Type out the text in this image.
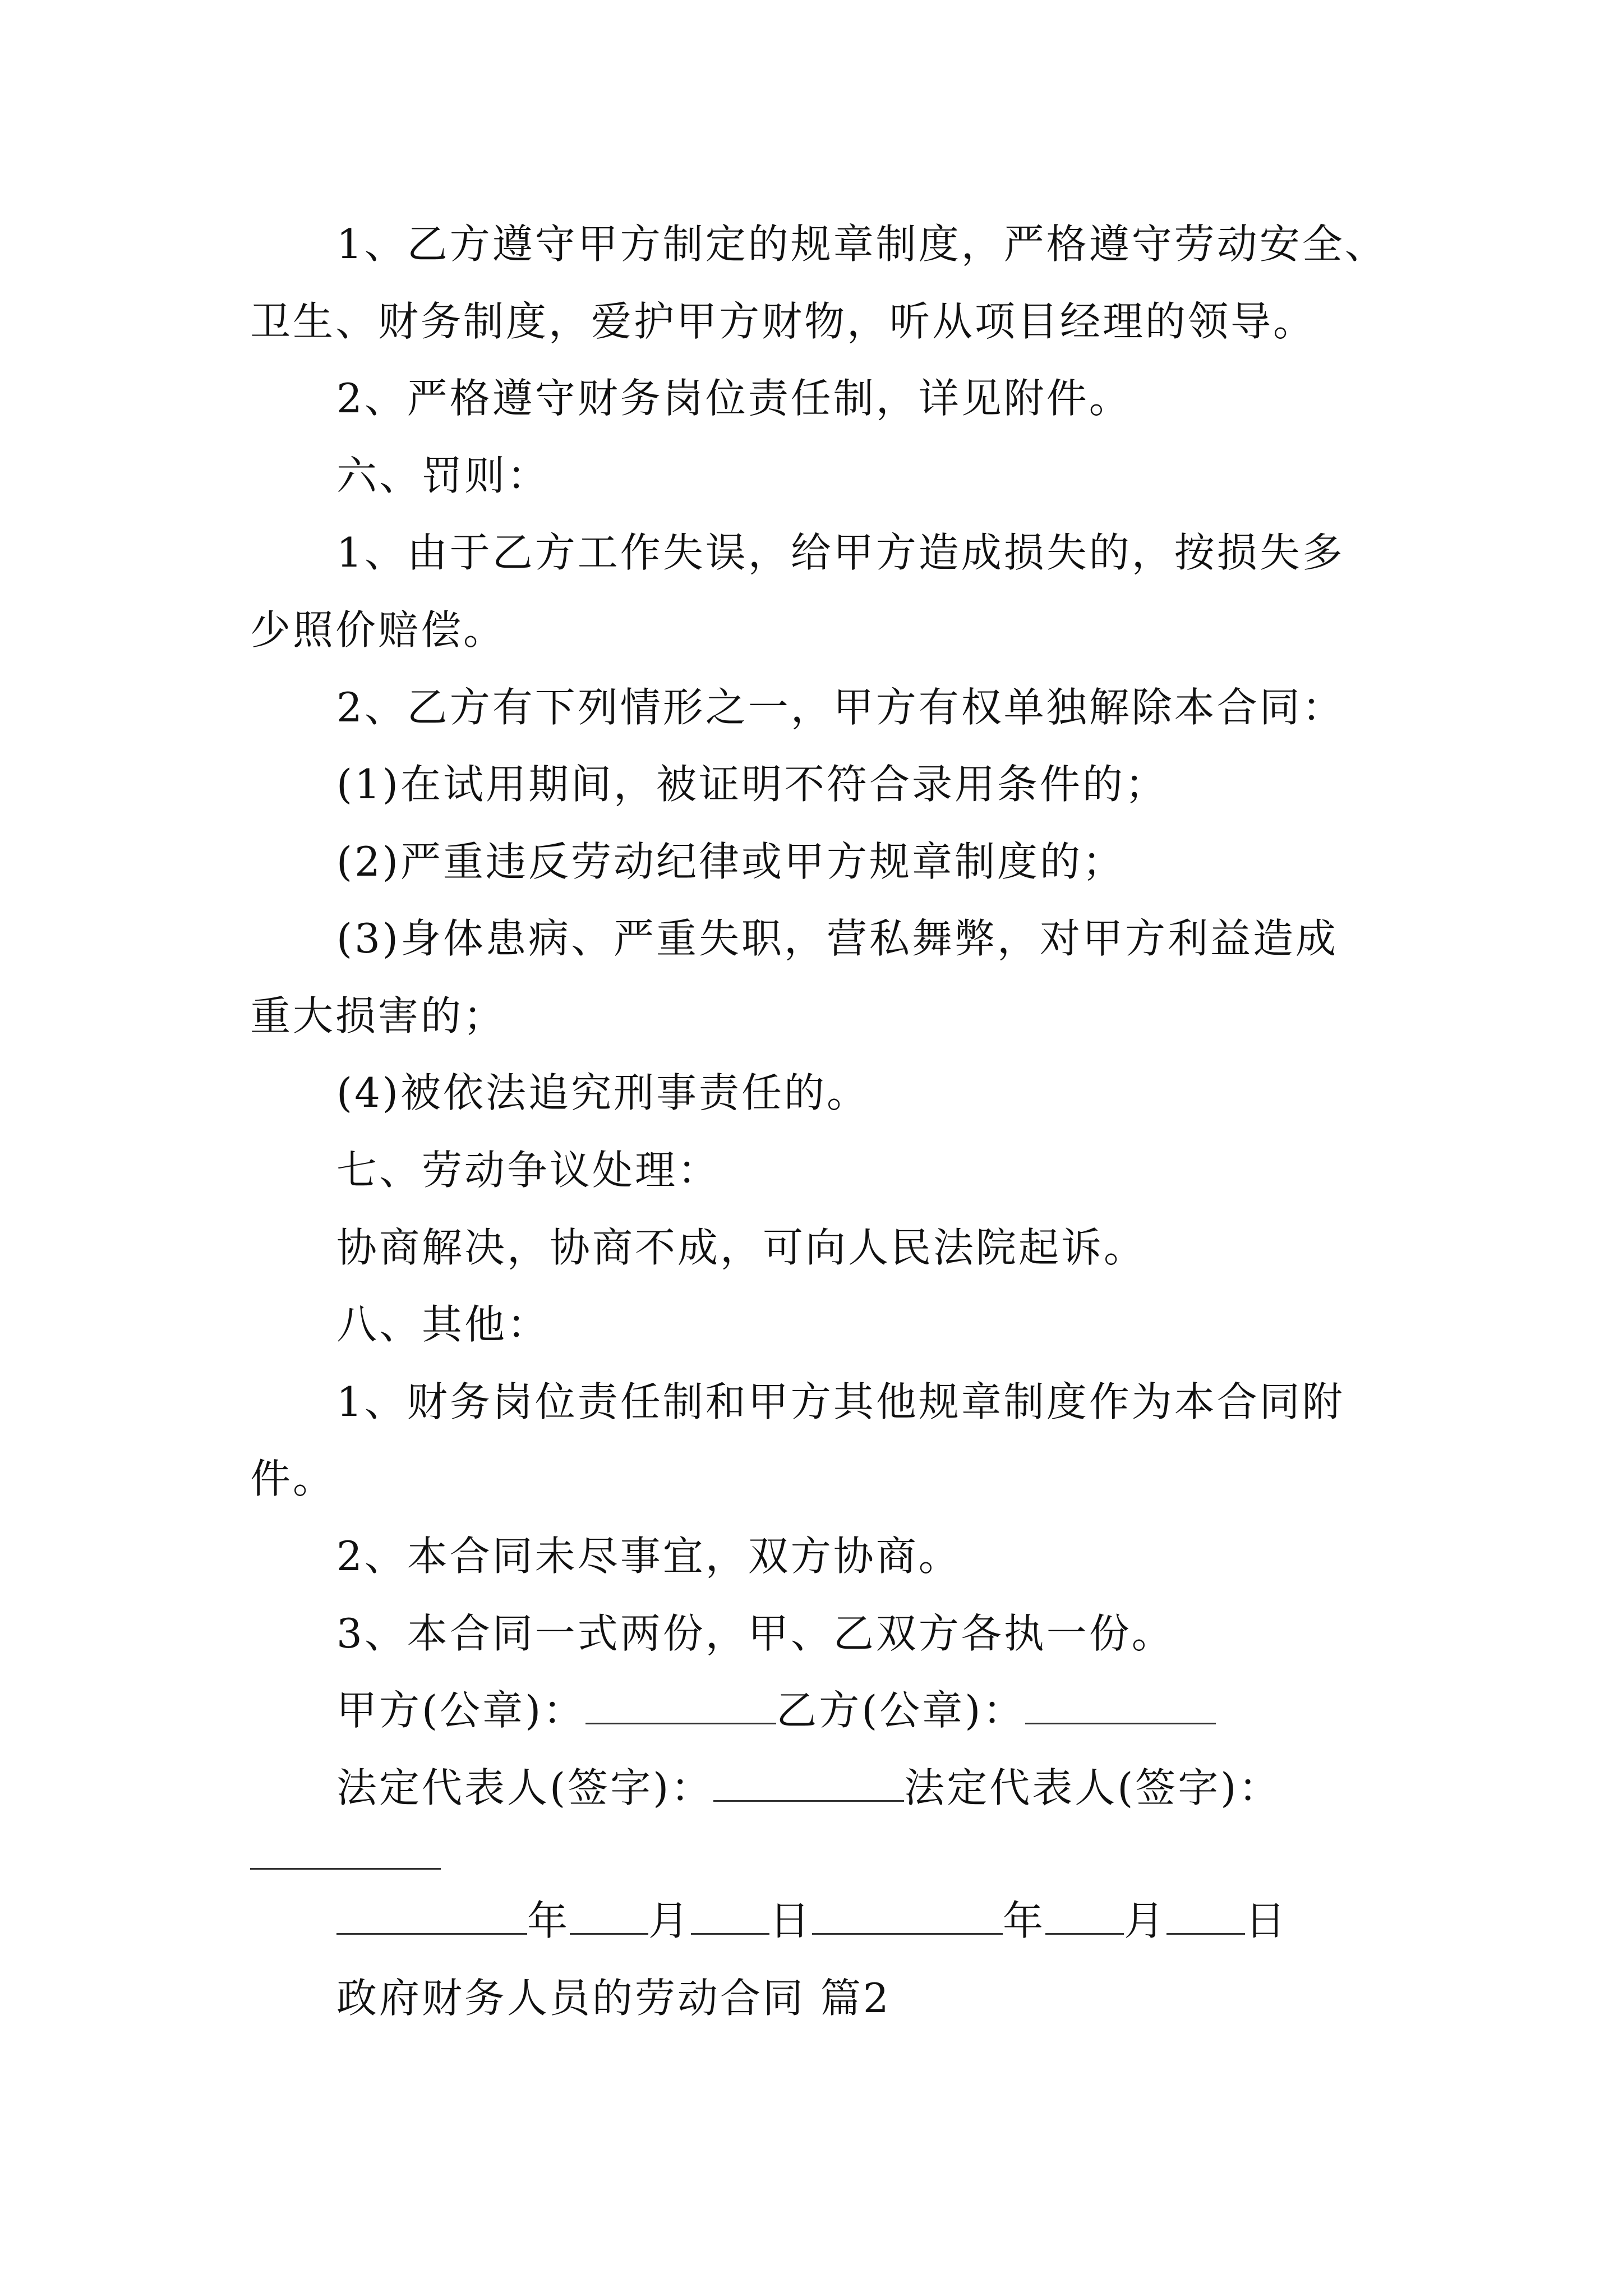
1、乙方遵守甲方制定的规章制度，严格遵守劳动安全、
卫生、财务制度，爱护甲方财物，听从项目经理的领导。
2、严格遵守财务岗位责任制，详见附件。
六、罚则：
1、由于乙方工作失误，给甲方造成损失的，按损失多
少照价赔偿。
2、乙方有下列情形之一，甲方有权单独解除本合同：
(1)在试用期间，被证明不符合录用条件的；
(2)严重违反劳动纪律或甲方规章制度的；
(3)身体患病、严重失职，营私舞弊，对甲方利益造成
重大损害的；
(4)被依法追究刑事责任的。
七、劳动争议处理：
协商解决，协商不成，可向人民法院起诉。
八、其他：
1、财务岗位责任制和甲方其他规章制度作为本合同附
件。
2、本合同未尽事宜，双方协商。
3、本合同一式两份，甲、乙双方各执一份。
甲方(公章)：	乙方(公章)：
法定代表人(签字)：	法定代表人(签字)：
年 月 日	年 月 日
政府财务人员的劳动合同 篇2
